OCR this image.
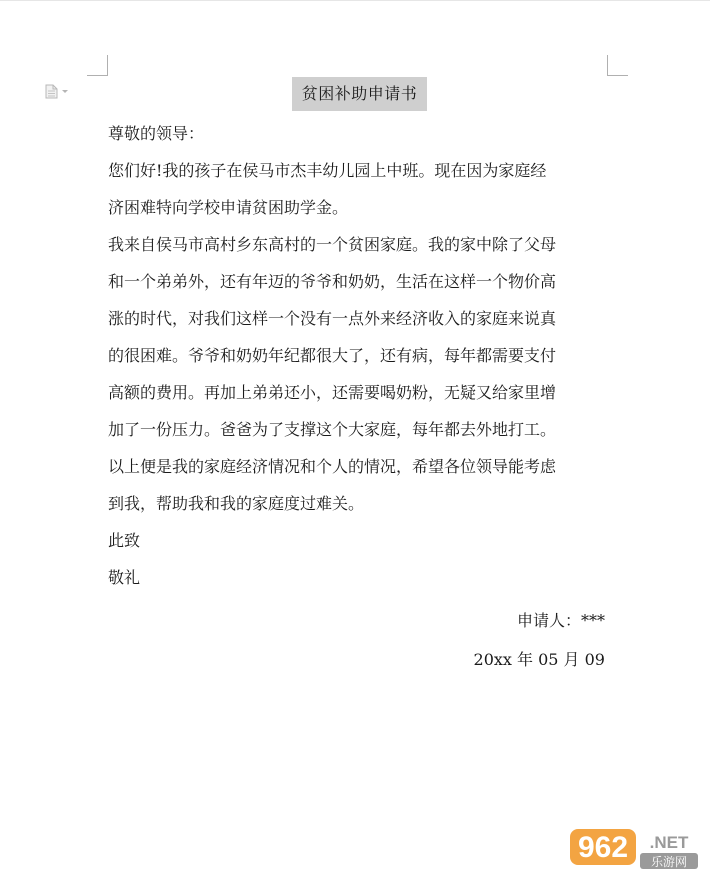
贫困补助申请书

尊敬的领导：

您们好!我的孩子在侯马市杰丰幼儿园上中班。现在因为家庭经
济困难特向学校申请贫困助学金。

我来自侯马市高村乡东高村的一个贫困家庭。我的家中除了父母
和一个弟弟外，还有年迈的爷爷和奶奶，生活在这样一个物价高
涨的时代，对我们这样一个没有一点外来经济收入的家庭来说真
的很困难。爷爷和奶奶年纪都很大了，还有病，每年都需要支付
高额的费用。再加上弟弟还小，还需要喝奶粉，无疑又给家里增
加了一份压力。爸爸为了支撑这个大家庭，每年都去外地打工。
以上便是我的家庭经济情况和个人的情况，希望各位领导能考虑
到我，帮助我和我的家庭度过难关。

此致

敬礼

申请人：***
20xx 年 05 月 09
962 .NET
乐游网
